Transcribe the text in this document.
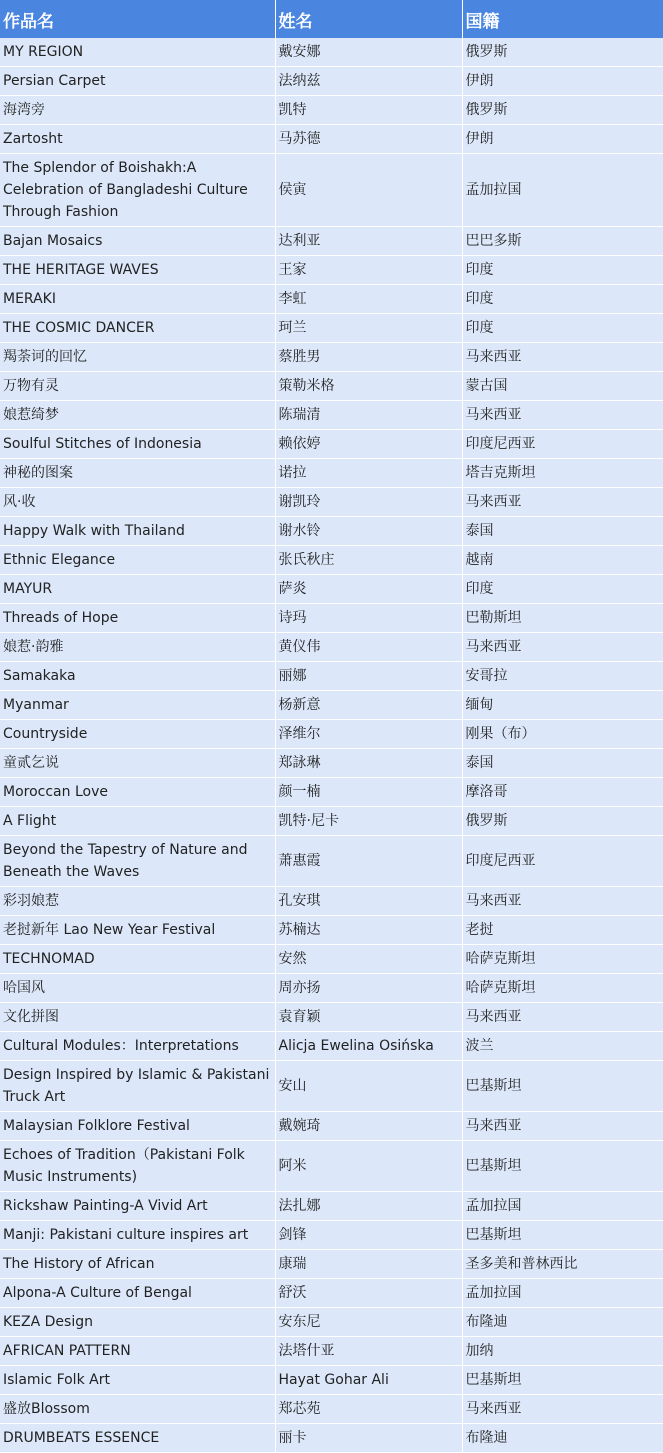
作品名	姓名	国籍
MY REGION	戴安娜	俄罗斯
Persian Carpet	法纳兹	伊朗
海湾旁	凯特	俄罗斯
Zartosht	马苏德	伊朗
The Splendor of Boishakh:A Celebration of Bangladeshi Culture Through Fashion	侯寅	孟加拉国
Bajan Mosaics	达利亚	巴巴多斯
THE HERITAGE WAVES	王家	印度
MERAKI	李虹	印度
THE COSMIC DANCER	珂兰	印度
羯荼诃的回忆	蔡胜男	马来西亚
万物有灵	策勒米格	蒙古国
娘惹绮梦	陈瑞清	马来西亚
Soulful Stitches of Indonesia	赖依婷	印度尼西亚
神秘的图案	诺拉	塔吉克斯坦
风·收	谢凯玲	马来西亚
Happy Walk with Thailand	谢水铃	泰国
Ethnic Elegance	张氏秋庄	越南
MAYUR	萨炎	印度
Threads of Hope	诗玛	巴勒斯坦
娘惹·韵雅	黄仪伟	马来西亚
Samakaka	丽娜	安哥拉
Myanmar	杨新意	缅甸
Countryside	泽维尔	刚果（布）
童贰乞说	郑詠琳	泰国
Moroccan Love	颜一楠	摩洛哥
A Flight	凯特·尼卡	俄罗斯
Beyond the Tapestry of Nature and Beneath the Waves	萧惠霞	印度尼西亚
彩羽娘惹	孔安琪	马来西亚
老挝新年 Lao New Year Festival	苏楠达	老挝
TECHNOMAD	安然	哈萨克斯坦
哈国风	周亦扬	哈萨克斯坦
文化拼图	袁育颖	马来西亚
Cultural Modules：Interpretations	Alicja Ewelina Osińska	波兰
Design Inspired by Islamic & Pakistani Truck Art	安山	巴基斯坦
Malaysian Folklore Festival	戴婉琦	马来西亚
Echoes of Tradition（Pakistani Folk Music Instruments)	阿米	巴基斯坦
Rickshaw Painting-A Vivid Art	法扎娜	孟加拉国
Manji: Pakistani culture inspires art	剑锋	巴基斯坦
The History of African	康瑞	圣多美和普林西比
Alpona-A Culture of Bengal	舒沃	孟加拉国
KEZA Design	安东尼	布隆迪
AFRICAN PATTERN	法塔什亚	加纳
Islamic Folk Art	Hayat Gohar Ali	巴基斯坦
盛放Blossom	郑芯苑	马来西亚
DRUMBEATS ESSENCE	丽卡	布隆迪
